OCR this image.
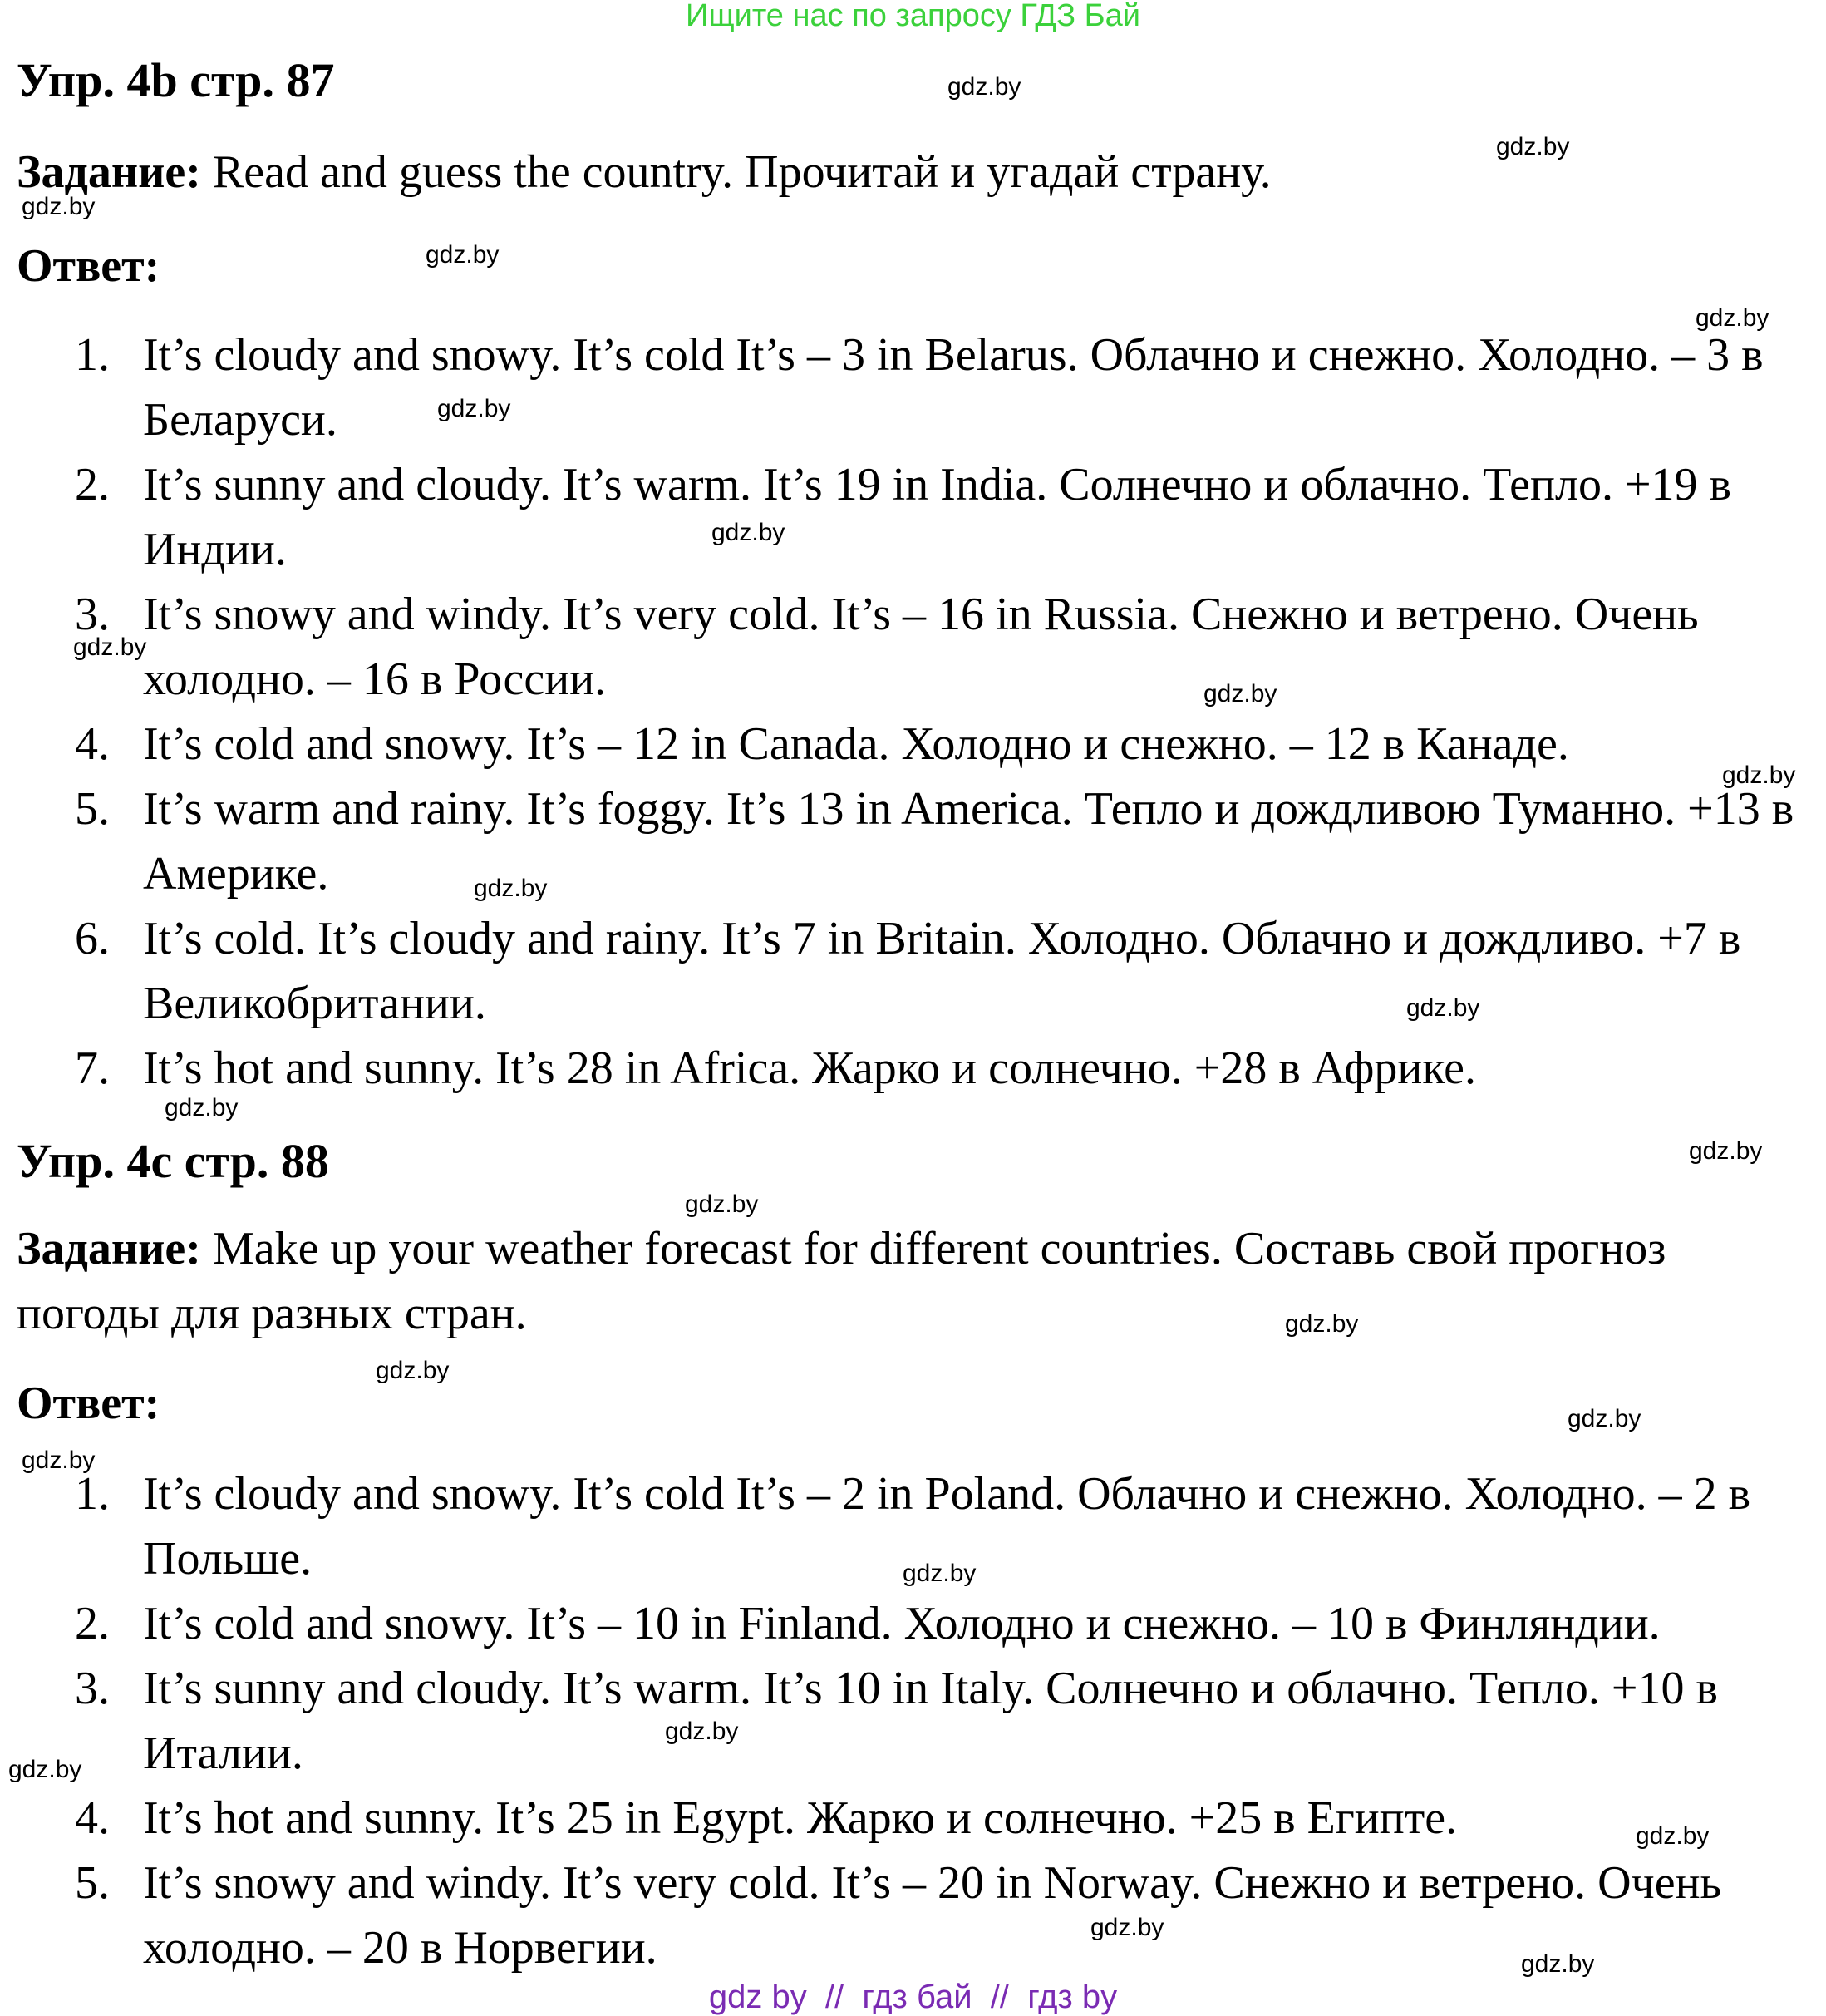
Ищите нас по запросу ГДЗ Бай
Упр. 4b стр. 87
Задание: Read and guess the country. Прочитай и угадай страну.
Ответ:
1. It’s cloudy and snowy. It’s cold It’s – 3 in Belarus. Облачно и снежно. Холодно. – 3 в Беларуси.
2. It’s sunny and cloudy. It’s warm. It’s 19 in India. Солнечно и облачно. Тепло. +19 в Индии.
3. It’s snowy and windy. It’s very cold. It’s – 16 in Russia. Снежно и ветрено. Очень холодно. – 16 в России.
4. It’s cold and snowy. It’s – 12 in Canada. Холодно и снежно. – 12 в Канаде.
5. It’s warm and rainy. It’s foggy. It’s 13 in America. Тепло и дождливою Туманно. +13 в Америке.
6. It’s cold. It’s cloudy and rainy. It’s 7 in Britain. Холодно. Облачно и дождливо. +7 в Великобритании.
7. It’s hot and sunny. It’s 28 in Africa. Жарко и солнечно. +28 в Африке.
Упр. 4c стр. 88
Задание: Make up your weather forecast for different countries. Составь свой прогноз погоды для разных стран.
Ответ:
1. It’s cloudy and snowy. It’s cold It’s – 2 in Poland. Облачно и снежно. Холодно. – 2 в Польше.
2. It’s cold and snowy. It’s – 10 in Finland. Холодно и снежно. – 10 в Финляндии.
3. It’s sunny and cloudy. It’s warm. It’s 10 in Italy. Солнечно и облачно. Тепло. +10 в Италии.
4. It’s hot and sunny. It’s 25 in Egypt. Жарко и солнечно. +25 в Египте.
5. It’s snowy and windy. It’s very cold. It’s – 20 in Norway. Снежно и ветрено. Очень холодно. – 20 в Норвегии.
gdz.by
gdz.by
gdz.by
gdz.by
gdz.by
gdz.by
gdz.by
gdz.by
gdz.by
gdz.by
gdz.by
gdz.by
gdz.by
gdz.by
gdz.by
gdz.by
gdz.by
gdz.by
gdz.by
gdz.by
gdz.by
gdz.by
gdz.by
gdz.by
gdz.by
gdz by  //  гдз бай  //  гдз by
